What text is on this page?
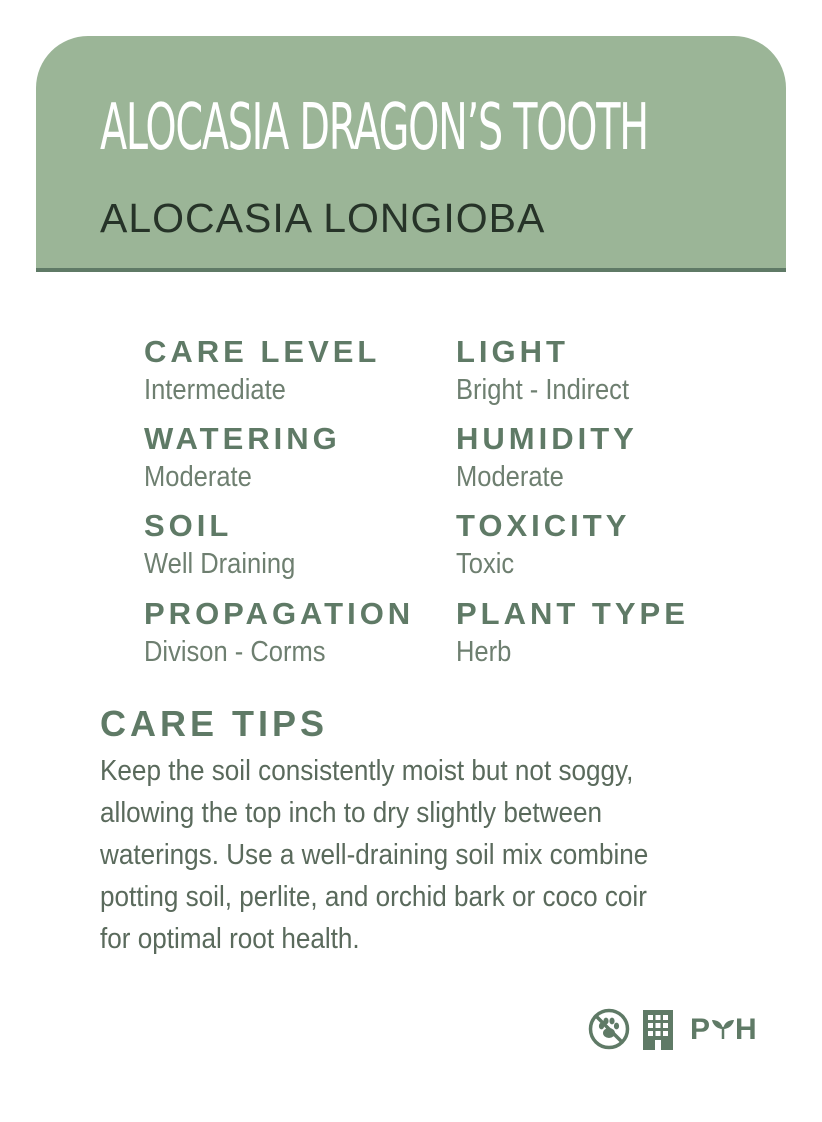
ALOCASIA DRAGON’S TOOTH
ALOCASIA LONGIOBA
CARE LEVEL
Intermediate
LIGHT
Bright - Indirect
WATERING
Moderate
HUMIDITY
Moderate
SOIL
Well Draining
TOXICITY
Toxic
PROPAGATION
Divison - Corms
PLANT TYPE
Herb
CARE TIPS

Keep the soil consistently moist but not soggy,
allowing the top inch to dry slightly between
waterings. Use a well-draining soil mix combine
potting soil, perlite, and orchid bark or coco coir
for optimal root health.

P H
